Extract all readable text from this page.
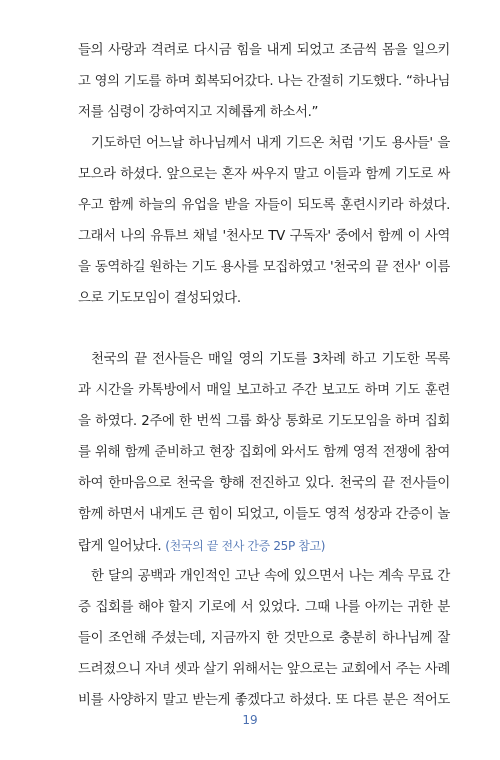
들의 사랑과 격려로 다시금 힘을 내게 되었고 조금씩 몸을 일으키
고 영의 기도를 하며 회복되어갔다. 나는 간절히 기도했다. “하나님
저를 심령이 강하여지고 지혜롭게 하소서.”
기도하던 어느날 하나님께서 내게 기드온 처럼 '기도 용사들' 을
모으라 하셨다. 앞으로는 혼자 싸우지 말고 이들과 함께 기도로 싸
우고 함께 하늘의 유업을 받을 자들이 되도록 훈련시키라 하셨다.
그래서 나의 유튜브 채널 '천사모 TV 구독자' 중에서 함께 이 사역
을 동역하길 원하는 기도 용사를 모집하였고 '천국의 끝 전사' 이름
으로 기도모임이 결성되었다.
천국의 끝 전사들은 매일 영의 기도를 3차례 하고 기도한 목록
과 시간을 카톡방에서 매일 보고하고 주간 보고도 하며 기도 훈련
을 하였다. 2주에 한 번씩 그룹 화상 통화로 기도모임을 하며 집회
를 위해 함께 준비하고 현장 집회에 와서도 함께 영적 전쟁에 참여
하여 한마음으로 천국을 향해 전진하고 있다. 천국의 끝 전사들이
함께 하면서 내게도 큰 힘이 되었고, 이들도 영적 성장과 간증이 놀
랍게 일어났다. (천국의 끝 전사 간증 25P 참고)
한 달의 공백과 개인적인 고난 속에 있으면서 나는 계속 무료 간
증 집회를 해야 할지 기로에 서 있었다. 그때 나를 아끼는 귀한 분
들이 조언해 주셨는데, 지금까지 한 것만으로 충분히 하나님께 잘
드려졌으니 자녀 셋과 살기 위해서는 앞으로는 교회에서 주는 사례
비를 사양하지 말고 받는게 좋겠다고 하셨다. 또 다른 분은 적어도
19
